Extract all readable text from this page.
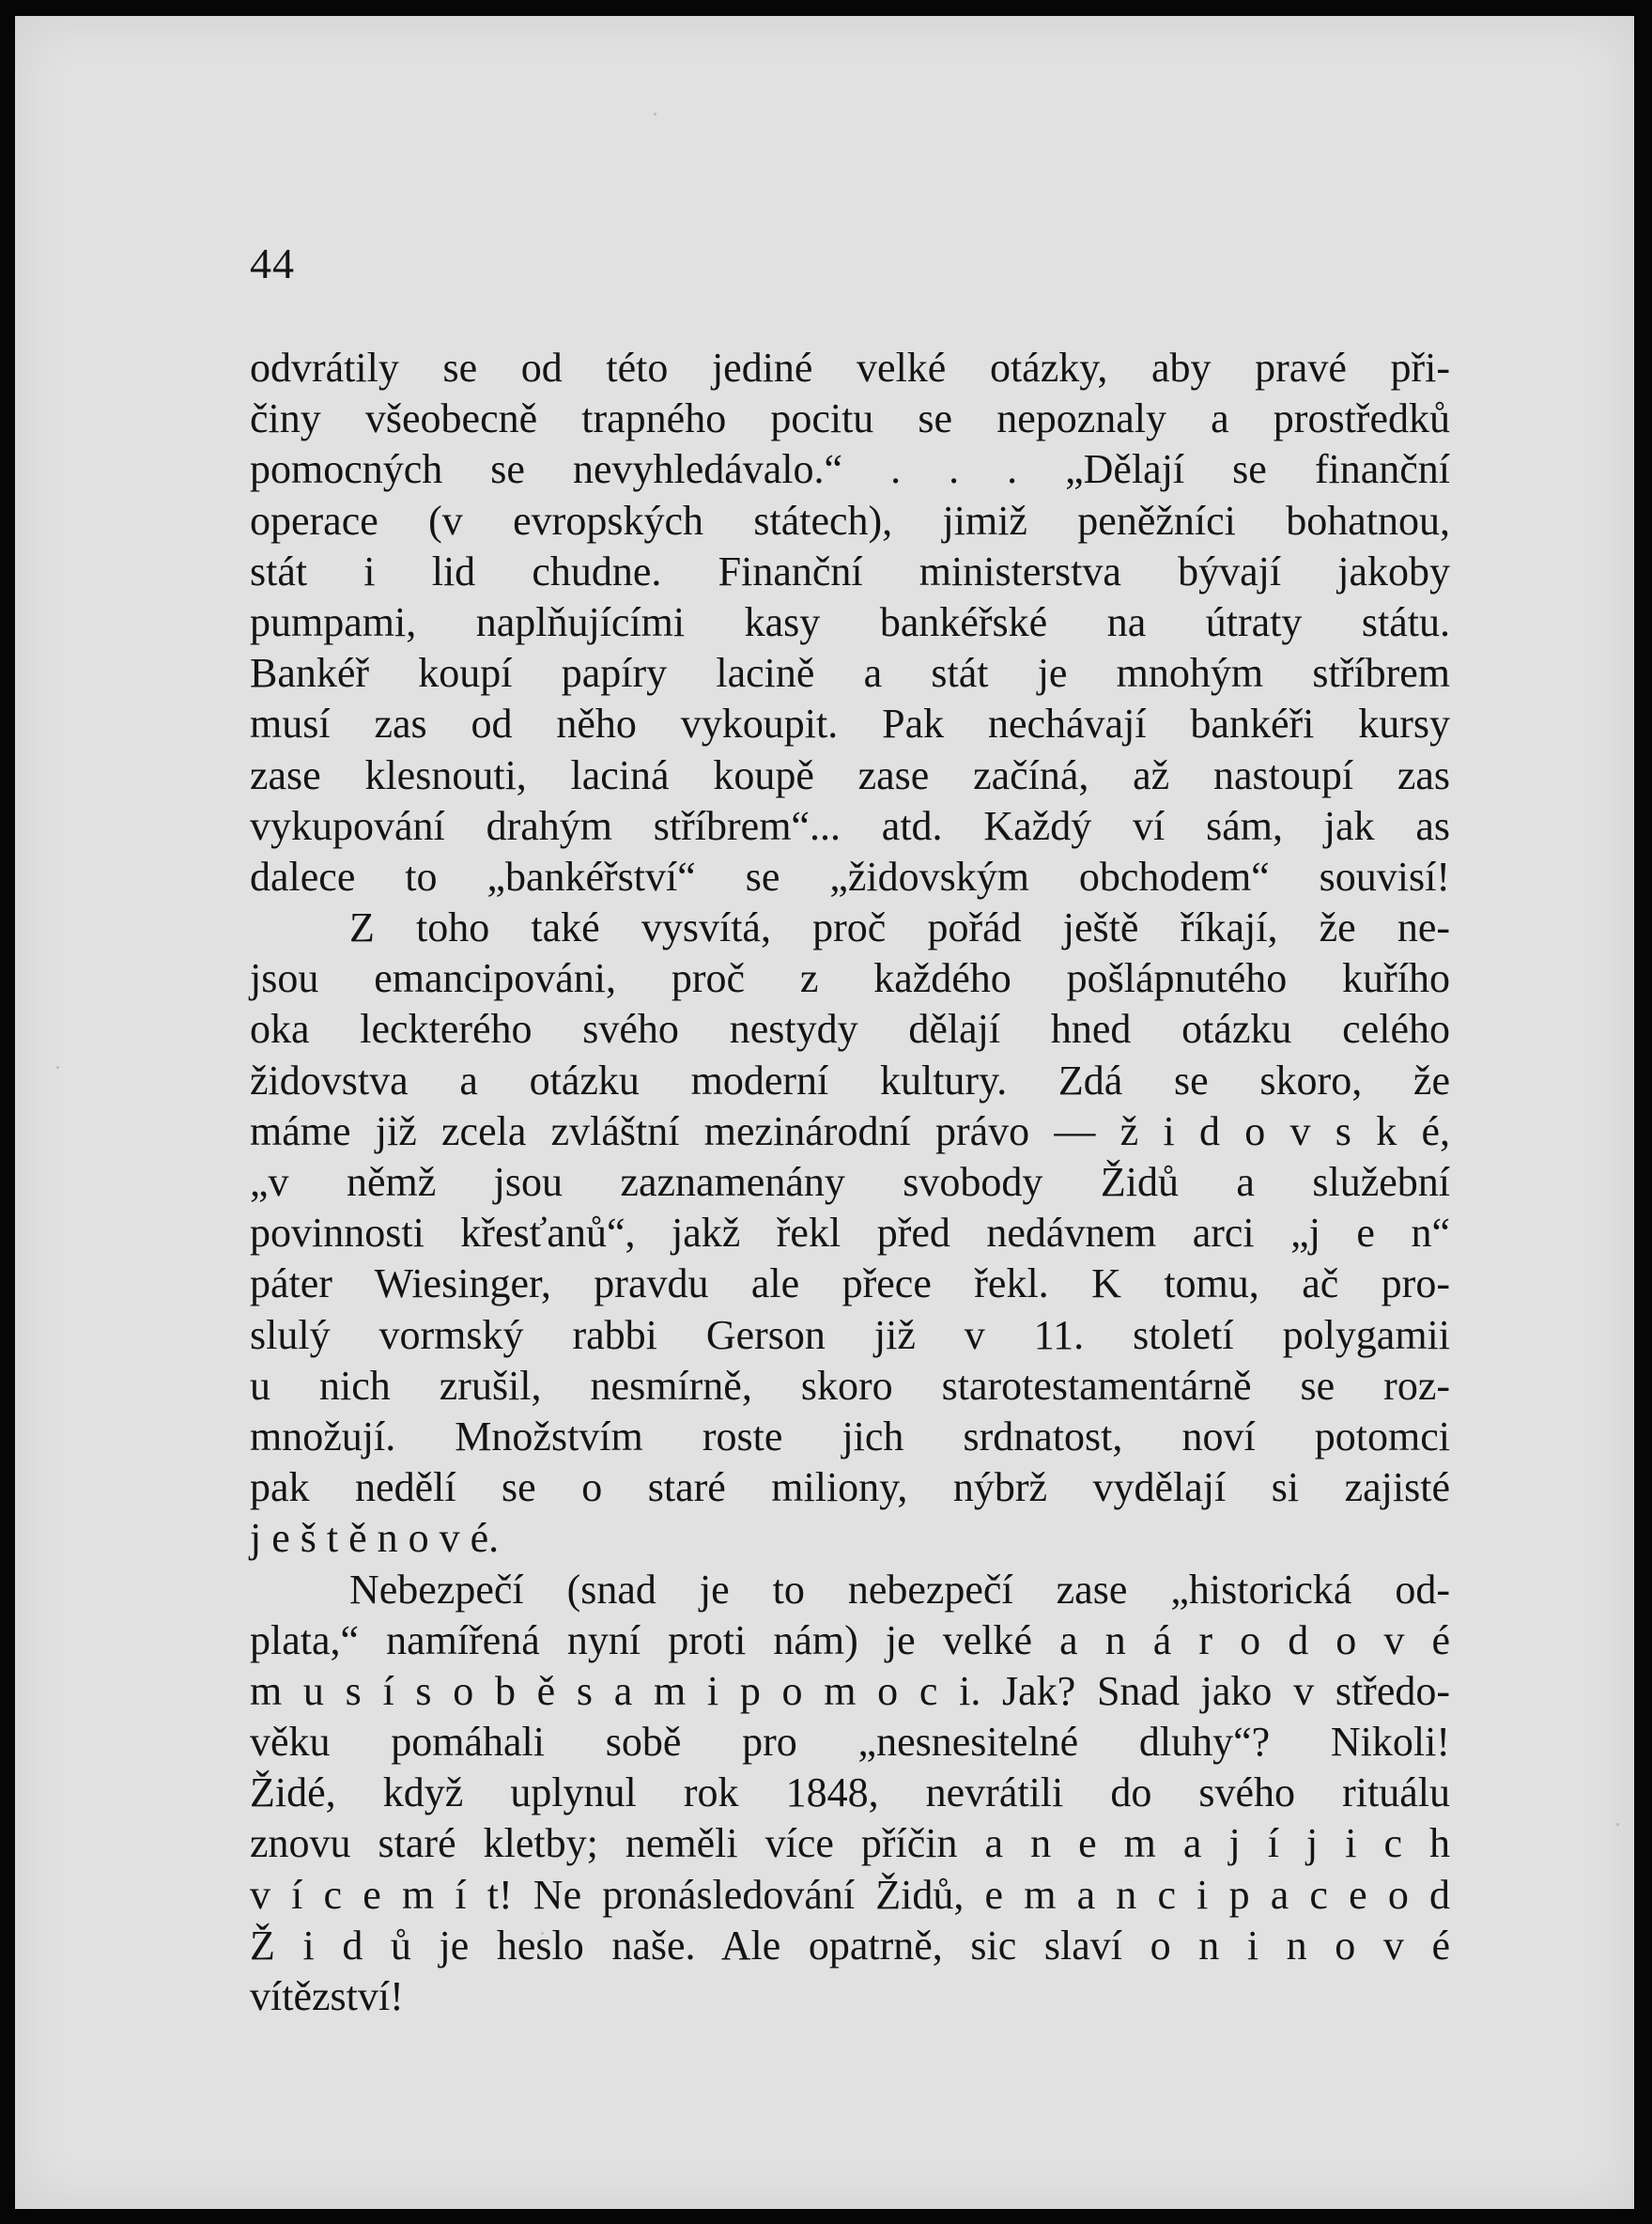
44
odvrátily se od této jediné velké otázky, aby pravé při-
činy všeobecně trapného pocitu se nepoznaly a prostředků
pomocných se nevyhledávalo.“ . . . „Dělají se finanční
operace (v evropských státech), jimiž peněžníci bohatnou,
stát i lid chudne. Finanční ministerstva bývají jakoby
pumpami, naplňujícími kasy bankéřské na útraty státu.
Bankéř koupí papíry lacině a stát je mnohým stříbrem
musí zas od něho vykoupit. Pak nechávají bankéři kursy
zase klesnouti, laciná koupě zase začíná, až nastoupí zas
vykupování drahým stříbrem“... atd. Každý ví sám, jak as
dalece to „bankéřství“ se „židovským obchodem“ souvisí!
Z toho také vysvítá, proč pořád ještě říkají, že ne-
jsou emancipováni, proč z každého pošlápnutého kuřího
oka leckterého svého nestydy dělají hned otázku celého
židovstva a otázku moderní kultury. Zdá se skoro, že
máme již zcela zvláštní mezinárodní právo — ž i d o v s k é,
„v němž jsou zaznamenány svobody Židů a služební
povinnosti křesťanů“, jakž řekl před nedávnem arci „j e n“
páter Wiesinger, pravdu ale přece řekl. K tomu, ač pro-
slulý vormský rabbi Gerson již v 11. století polygamii
u nich zrušil, nesmírně, skoro starotestamentárně se roz-
množují. Množstvím roste jich srdnatost, noví potomci
pak nedělí se o staré miliony, nýbrž vydělají si zajisté
j e š t ě n o v é.
Nebezpečí (snad je to nebezpečí zase „historická od-
plata,“ namířená nyní proti nám) je velké a n á r o d o v é
m u s í s o b ě s a m i p o m o c i. Jak? Snad jako v středo-
věku pomáhali sobě pro „nesnesitelné dluhy“? Nikoli!
Židé, když uplynul rok 1848, nevrátili do svého rituálu
znovu staré kletby; neměli více příčin a n e m a j í j i c h
v í c e m í t! Ne pronásledování Židů, e m a n c i p a c e o d
Ž i d ů je heslo naše. Ale opatrně, sic slaví o n i n o v é
vítězství!
